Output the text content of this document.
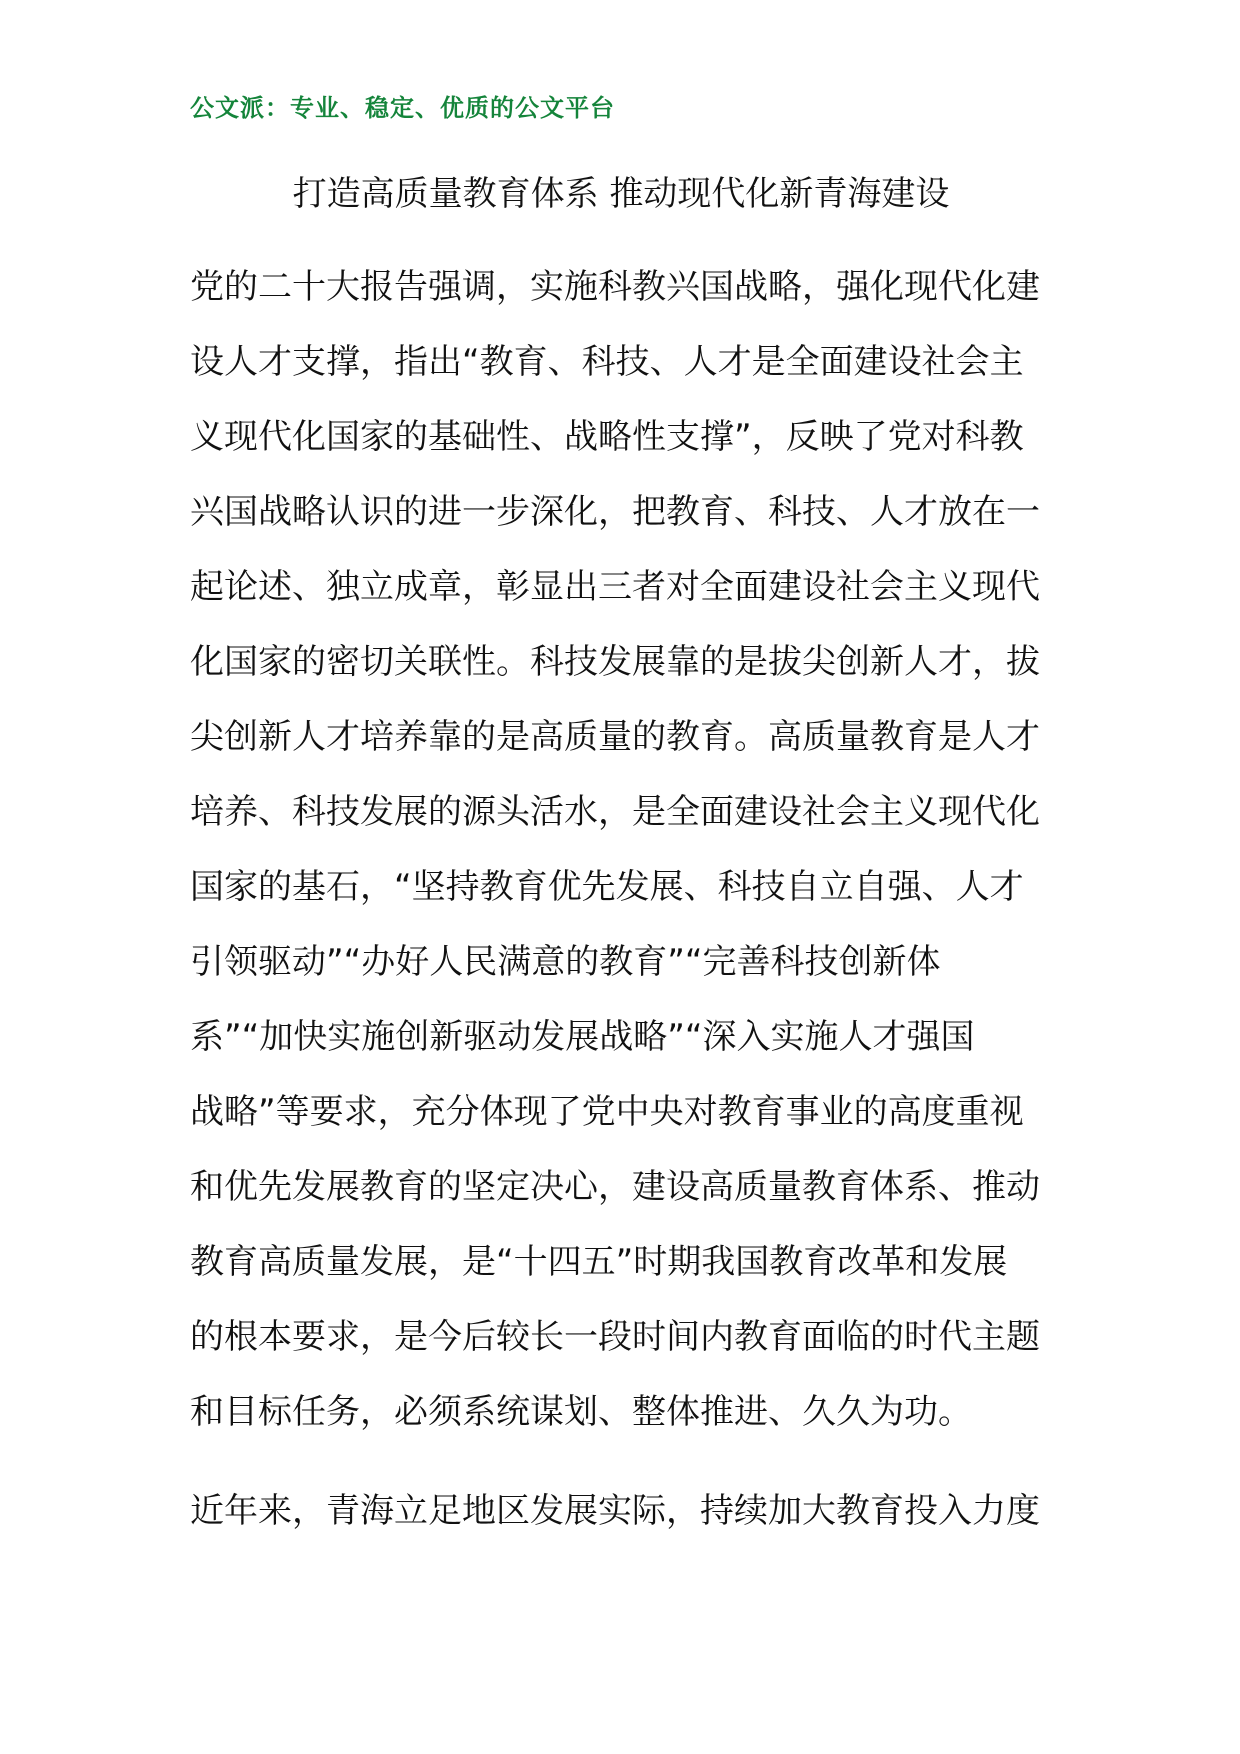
公文派：专业、稳定、优质的公文平台
打造高质量教育体系 推动现代化新青海建设
党的二十大报告强调，实施科教兴国战略，强化现代化建
设人才支撑，指出“教育、科技、人才是全面建设社会主
义现代化国家的基础性、战略性支撑”，反映了党对科教
兴国战略认识的进一步深化，把教育、科技、人才放在一
起论述、独立成章，彰显出三者对全面建设社会主义现代
化国家的密切关联性。科技发展靠的是拔尖创新人才，拔
尖创新人才培养靠的是高质量的教育。高质量教育是人才
培养、科技发展的源头活水，是全面建设社会主义现代化
国家的基石，“坚持教育优先发展、科技自立自强、人才
引领驱动”“办好人民满意的教育”“完善科技创新体
系”“加快实施创新驱动发展战略”“深入实施人才强国
战略”等要求，充分体现了党中央对教育事业的高度重视
和优先发展教育的坚定决心，建设高质量教育体系、推动
教育高质量发展，是“十四五”时期我国教育改革和发展
的根本要求，是今后较长一段时间内教育面临的时代主题
和目标任务，必须系统谋划、整体推进、久久为功。
近年来，青海立足地区发展实际，持续加大教育投入力度
